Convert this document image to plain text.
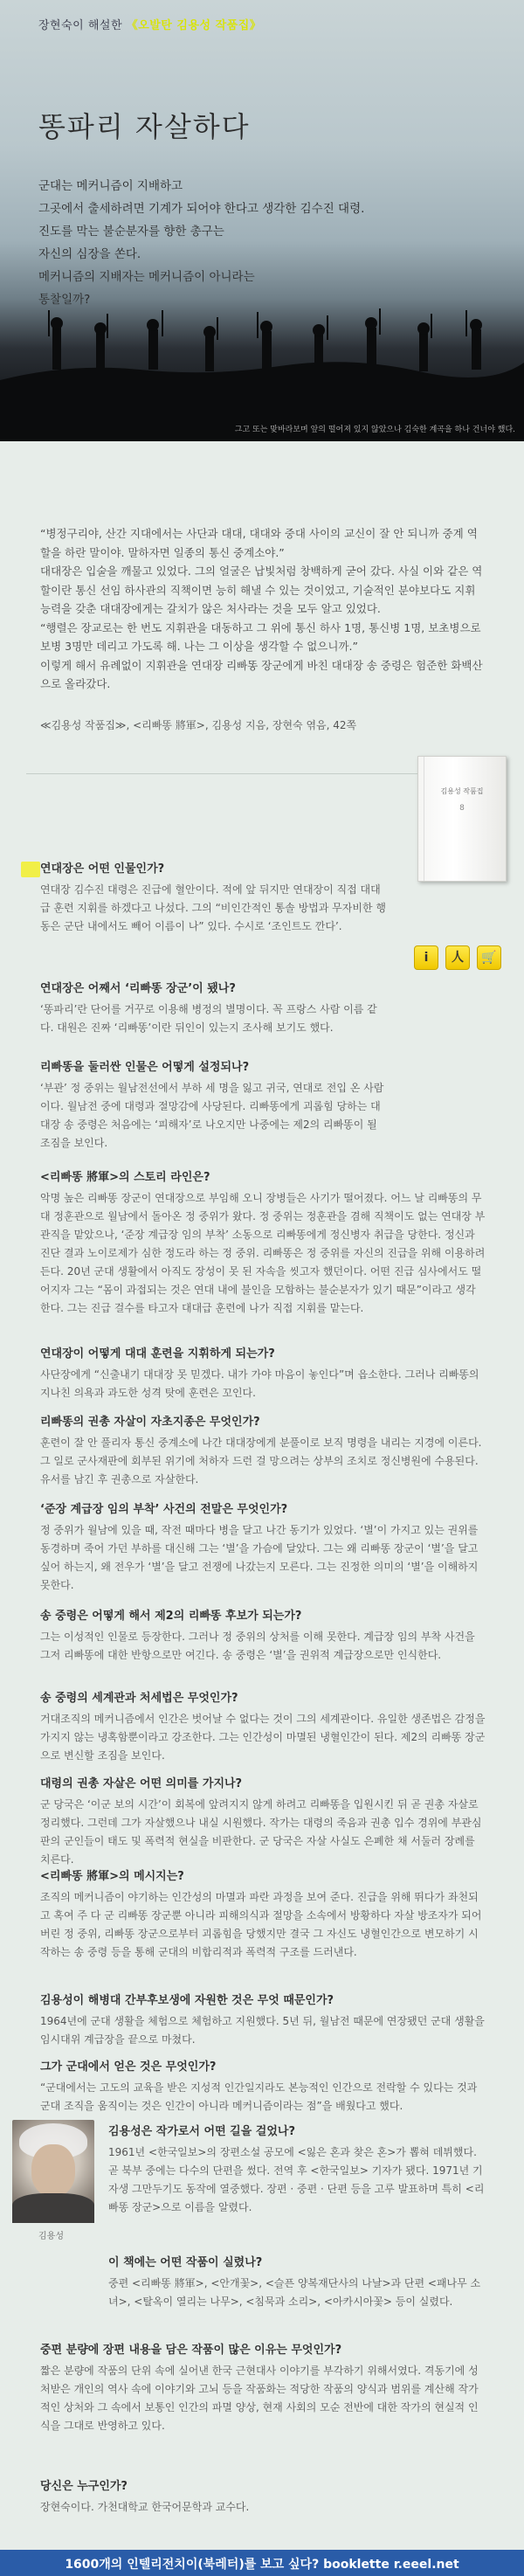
장현숙이 해설한 《오발탄 김용성 작품집》
똥파리 자살하다
군대는 메커니즘이 지배하고
그곳에서 출세하려면 기계가 되어야 한다고 생각한 김수진 대령.
진도를 막는 불순분자를 향한 총구는
자신의 심장을 쏜다.
메커니즘의 지배자는 메커니즘이 아니라는
통찰일까?
그고 또는 맞바라보며 앞의 떨어져 있지 않았으나 김숙한 계곡을 하나 건너야 했다.

“병정구리야, 산간 지대에서는 사단과 대대, 대대와 중대 사이의 교신이 잘 안 되니까 중계 역할을 하란 말이야. 말하자면 일종의 통신 중계소야.”

대대장은 입술을 깨물고 있었다. 그의 얼굴은 납빛처럼 창백하게 굳어 갔다. 사실 이와 같은 역할이란 통신 선임 하사관의 직책이면 능히 해낼 수 있는 것이었고, 기술적인 분야보다도 지휘 능력을 갖춘 대대장에게는 갈치가 않은 처사라는 것을 모두 알고 있었다.

“행렬은 장교로는 한 번도 지휘관을 대동하고 그 위에 통신 하사 1명, 통신병 1명, 보초병으로 보병 3명만 데리고 가도록 해. 나는 그 이상을 생각할 수 없으니까.”

이렇게 해서 유례없이 지휘관을 연대장 리빠똥 장군에게 바친 대대장 송 중령은 험준한 화백산으로 올라갔다.

≪김용성 작품집≫, <리빠똥 將軍>, 김용성 지음, 장현숙 엮음, 42쪽

김용성 작품집
8
i	人	🛒
연대장은 어떤 인물인가?
연대장 김수진 대령은 진급에 혈안이다. 적에 앞 뒤지만 연대장이 직접 대대급 훈련 지휘를 하겠다고 나섰다. 그의 “비인간적인 통솔 방법과 무자비한 행동은 군단 내에서도 빼어 이름이 나” 있다. 수시로 ‘조인트도 깐다’.
연대장은 어째서 ‘리빠똥 장군’이 됐나?
‘똥파리’란 단어를 거꾸로 이용해 병정의 별명이다. 꼭 프랑스 사람 이름 같다. 대원은 진짜 ‘리빠똥’이란 뒤인이 있는지 조사해 보기도 했다.
리빠똥을 둘러싼 인물은 어떻게 설정되나?
‘부관’ 정 중위는 월남전선에서 부하 세 명을 잃고 귀국, 연대로 전입 온 사람이다. 월남전 중에 대령과 절망감에 사당된다. 리빠똥에게 괴롭힘 당하는 대대장 송 중령은 처음에는 ‘피해자’로 나오지만 나중에는 제2의 리빠똥이 될 조짐을 보인다.
<리빠똥 將軍>의 스토리 라인은?
악명 높은 리빠똥 장군이 연대장으로 부임해 오니 장병들은 사기가 떨어졌다. 어느 날 리빠똥의 무대 정훈관으로 월남에서 돌아온 정 중위가 왔다. 정 중위는 정훈관을 겸해 직책이도 없는 연대장 부관직을 맡았으나, ‘준장 계급장 임의 부착’ 소동으로 리빠똥에게 정신병자 취급을 당한다. 정신과 진단 결과 노이로제가 심한 정도라 하는 정 중위. 리빠똥은 정 중위를 자신의 진급을 위해 이용하려 든다. 20년 군대 생활에서 아직도 장성이 못 된 자속을 씻고자 했던이다. 어떤 진급 심사에서도 떨어지자 그는 “몸이 과접되는 것은 연대 내에 불인을 모함하는 불순분자가 있기 때문”이라고 생각한다. 그는 진급 걸수를 타고자 대대급 훈련에 나가 직접 지휘를 맡는다.
연대장이 어떻게 대대 훈련을 지휘하게 되는가?
사단장에게 “신출내기 대대장 못 믿겠다. 내가 가야 마음이 놓인다”며 읍소한다. 그러나 리빠똥의 지나친 의욕과 과도한 성격 탓에 훈련은 꼬인다.
리빠똥의 권총 자살이 자초지종은 무엇인가?
훈련이 잘 안 풀리자 통신 중계소에 나간 대대장에게 분풀이로 보직 명령을 내리는 지경에 이른다. 그 일로 군사재판에 회부된 위기에 처하자 드런 걸 망으려는 상부의 조치로 정신병원에 수용된다. 유서를 남긴 후 권총으로 자살한다.
‘준장 계급장 임의 부착’ 사건의 전말은 무엇인가?
정 중위가 월남에 있을 때, 작전 때마다 병을 달고 나간 동기가 있었다. ‘별’이 가지고 있는 권위를 동경하며 죽어 가던 부하를 대신해 그는 ‘별’을 가슴에 달았다. 그는 왜 리빠똥 장군이 ‘별’을 달고 싶어 하는지, 왜 전우가 ‘별’을 달고 전쟁에 나갔는지 모른다. 그는 진정한 의미의 ‘별’을 이해하지 못한다.
송 중령은 어떻게 해서 제2의 리빠똥 후보가 되는가?
그는 이성적인 인물로 등장한다. 그러나 정 중위의 상처를 이해 못한다. 계급장 임의 부착 사건을 그저 리빠똥에 대한 반항으로만 여긴다. 송 중령은 ‘별’을 권위적 계급장으로만 인식한다.
송 중령의 세계관과 처세법은 무엇인가?
거대조직의 메커니즘에서 인간은 벗어날 수 없다는 것이 그의 세계관이다. 유일한 생존법은 감정을 가지지 않는 냉혹함뿐이라고 강조한다. 그는 인간성이 마멸된 냉혈인간이 된다. 제2의 리빠똥 장군으로 변신할 조짐을 보인다.
대령의 권총 자살은 어떤 의미를 가지나?
군 당국은 ‘이군 보의 시간’이 회복에 앞려지지 않게 하려고 리빠똥을 입원시킨 뒤 곧 권총 자살로 정리했다. 그런데 그가 자살했으나 내실 시원했다. 작가는 대령의 죽음과 권총 입수 경위에 부관심판의 군인들이 태도 및 폭력적 현실을 비판한다. 군 당국은 자살 사실도 은폐한 채 서둘러 장례를 치른다.
<리빠똥 將軍>의 메시지는?
조직의 메커니즘이 야기하는 인간성의 마멸과 파란 과정을 보여 준다. 진급을 위해 뛰다가 좌천되고 혹여 주 다 군 리빠똥 장군뿐 아니라 피해의식과 절망을 소속에서 방황하다 자살 방조자가 되어 버린 정 중위, 리빠똥 장군으로부터 괴롭힘을 당했지만 결국 그 자신도 냉혈인간으로 변모하기 시작하는 송 중령 등을 통해 군대의 비합리적과 폭력적 구조를 드러낸다.
김용성이 해병대 간부후보생에 자원한 것은 무엇 때문인가?
1964년에 군대 생활을 체험으로 체험하고 지원했다. 5년 뒤, 월남전 때문에 연장됐던 군대 생활을 임시대위 계급장을 끝으로 마쳤다.
그가 군대에서 얻은 것은 무엇인가?
“군대에서는 고도의 교육을 받은 지성적 인간일지라도 본능적인 인간으로 전락할 수 있다는 것과 군대 조직을 움직이는 것은 인간이 아니라 메커니즘이라는 점”을 배웠다고 했다.
김용성
김용성은 작가로서 어떤 길을 걸었나?
1961년 <한국일보>의 장편소설 공모에 <잃은 혼과 찾은 혼>가 뽑혀 데뷔했다. 곧 북부 중에는 다수의 단편을 썼다. 전역 후 <한국일보> 기자가 됐다. 1971년 기자생 그만두기도 동작에 열중했다. 장편 · 중편 · 단편 등을 고루 발표하며 특히 <리빠똥 장군>으로 이름을 알렸다.
이 책에는 어떤 작품이 실렸나?
중편 <리빠똥 將軍>, <안개꽃>, <슬픈 양복재단사의 나날>과 단편 <패나무 소녀>, <탈옥이 열리는 나무>, <침묵과 소리>, <아카시아꽃> 등이 실렸다.
중편 분량에 장편 내용을 담은 작품이 많은 이유는 무엇인가?
짧은 분량에 작품의 단위 속에 실어낸 한국 근현대사 이야기를 부각하기 위해서였다. 격동기에 성처받은 개인의 역사 속에 이야기와 고뇌 등을 작품화는 적당한 작품의 양식과 범위를 계산해 작가적인 상처와 그 속에서 보통인 인간의 파멸 양상, 현재 사회의 모순 전반에 대한 작가의 현실적 인식을 그대로 반영하고 있다.
당신은 누구인가?
장현숙이다. 가천대학교 한국어문학과 교수다.
1600개의 인텔리전치이(북레터)를 보고 싶다? booklette r.eeel.net
